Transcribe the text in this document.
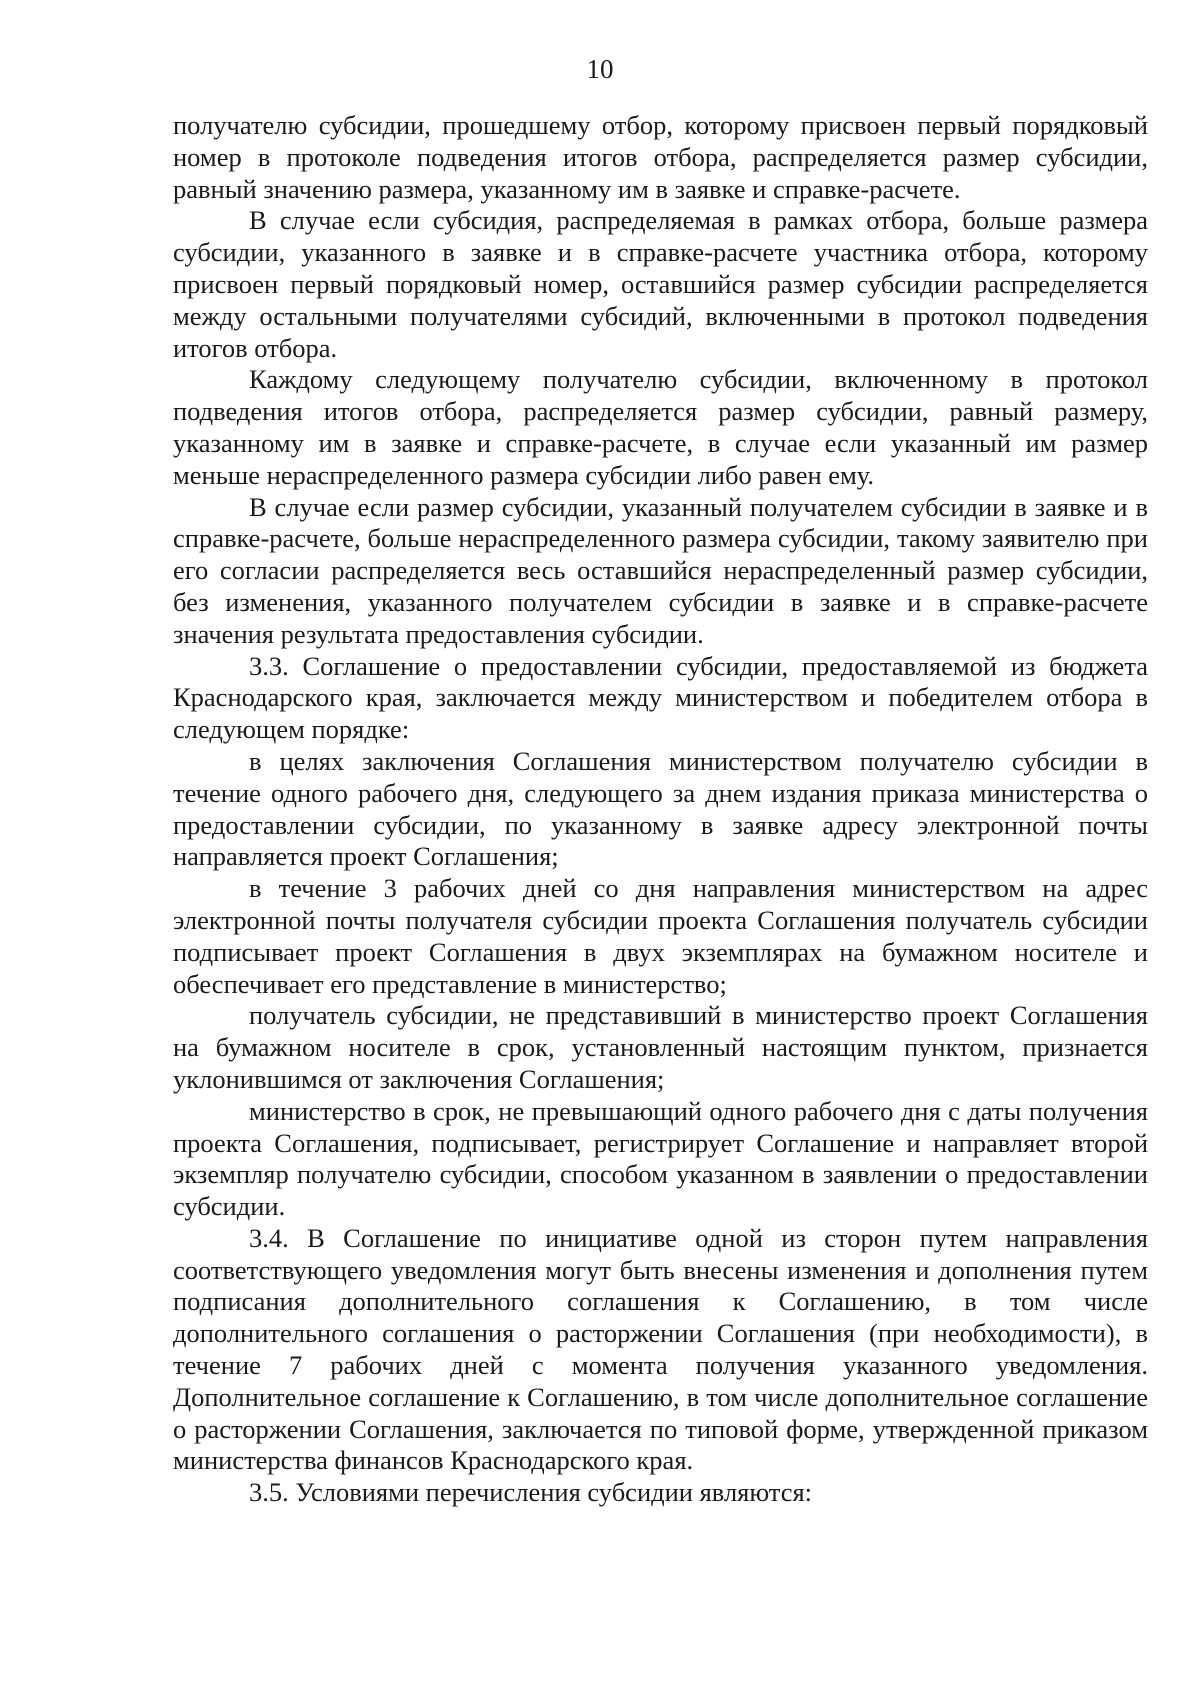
10

получателю субсидии, прошедшему отбор, которому присвоен первый порядковый номер в протоколе подведения итогов отбора, распределяется размер субсидии, равный значению размера, указанному им в заявке и справке-расчете.

В случае если субсидия, распределяемая в рамках отбора, больше размера субсидии, указанного в заявке и в справке-расчете участника отбора, которому присвоен первый порядковый номер, оставшийся размер субсидии распределяется между остальными получателями субсидий, включенными в протокол подведения итогов отбора.

Каждому следующему получателю субсидии, включенному в протокол подведения итогов отбора, распределяется размер субсидии, равный размеру, указанному им в заявке и справке-расчете, в случае если указанный им размер меньше нераспределенного размера субсидии либо равен ему.

В случае если размер субсидии, указанный получателем субсидии в заявке и в справке-расчете, больше нераспределенного размера субсидии, такому заявителю при его согласии распределяется весь оставшийся нераспределенный размер субсидии, без изменения, указанного получателем субсидии в заявке и в справке-расчете значения результата предоставления субсидии.

3.3. Соглашение о предоставлении субсидии, предоставляемой из бюджета Краснодарского края, заключается между министерством и победителем отбора в следующем порядке:

в целях заключения Соглашения министерством получателю субсидии в течение одного рабочего дня, следующего за днем издания приказа министерства о предоставлении субсидии, по указанному в заявке адресу электронной почты направляется проект Соглашения;

в течение 3 рабочих дней со дня направления министерством на адрес электронной почты получателя субсидии проекта Соглашения получатель субсидии подписывает проект Соглашения в двух экземплярах на бумажном носителе и обеспечивает его представление в министерство;

получатель субсидии, не представивший в министерство проект Соглашения на бумажном носителе в срок, установленный настоящим пунктом, признается уклонившимся от заключения Соглашения;

министерство в срок, не превышающий одного рабочего дня с даты получения проекта Соглашения, подписывает, регистрирует Соглашение и направляет второй экземпляр получателю субсидии, способом указанном в заявлении о предоставлении субсидии.

3.4. В Соглашение по инициативе одной из сторон путем направления соответствующего уведомления могут быть внесены изменения и дополнения путем подписания дополнительного соглашения к Соглашению, в том числе дополнительного соглашения о расторжении Соглашения (при необходимости), в течение 7 рабочих дней с момента получения указанного уведомления. Дополнительное соглашение к Соглашению, в том числе дополнительное соглашение о расторжении Соглашения, заключается по типовой форме, утвержденной приказом министерства финансов Краснодарского края.

3.5. Условиями перечисления субсидии являются:
